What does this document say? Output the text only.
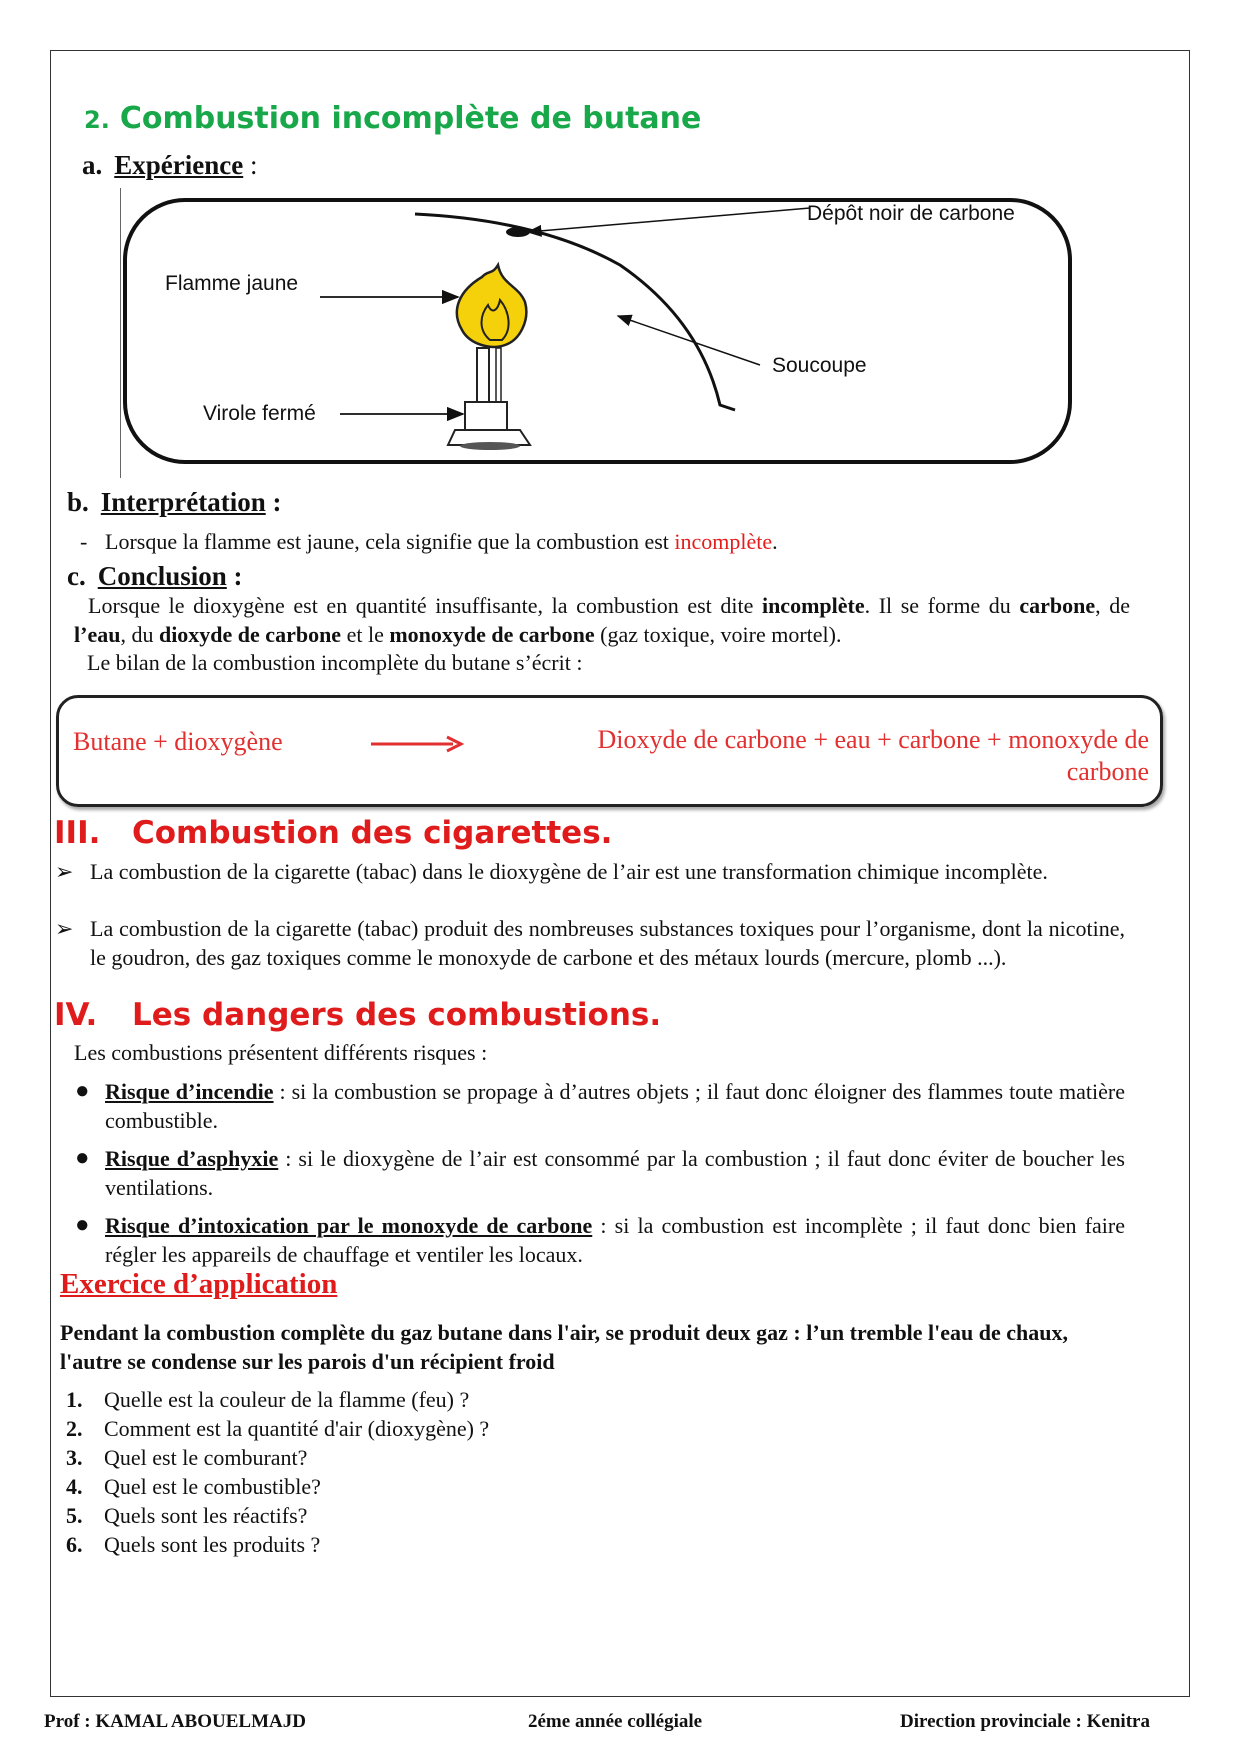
2. Combustion incomplète de butane
a. Expérience :
Dépôt noir de carbone
Flamme jaune
Soucoupe
Virole fermé
b. Interprétation :
- Lorsque la flamme est jaune, cela signifie que la combustion est incomplète.
c. Conclusion :
Lorsque le dioxygène est en quantité insuffisante, la combustion est dite incomplète. Il se forme du carbone, de l’eau, du dioxyde de carbone et le monoxyde de carbone (gaz toxique, voire mortel).
Le bilan de la combustion incomplète du butane s’écrit :
Butane + dioxygène	Dioxyde de carbone + eau + carbone + monoxyde de
carbone
III. Combustion des cigarettes.
➢ La combustion de la cigarette (tabac) dans le dioxygène de l’air est une transformation chimique incomplète.
➢ La combustion de la cigarette (tabac) produit des nombreuses substances toxiques pour l’organisme, dont la nicotine, le goudron, des gaz toxiques comme le monoxyde de carbone et des métaux lourds (mercure, plomb ...).
IV. Les dangers des combustions.
Les combustions présentent différents risques :
● Risque d’incendie : si la combustion se propage à d’autres objets ; il faut donc éloigner des flammes toute matière combustible.
● Risque d’asphyxie : si le dioxygène de l’air est consommé par la combustion ; il faut donc éviter de boucher les ventilations.
● Risque d’intoxication par le monoxyde de carbone : si la combustion est incomplète ; il faut donc bien faire régler les appareils de chauffage et ventiler les locaux.
Exercice d’application
Pendant la combustion complète du gaz butane dans l'air, se produit deux gaz : l’un tremble l'eau de chaux, l'autre se condense sur les parois d'un récipient froid
1. Quelle est la couleur de la flamme (feu) ?
2. Comment est la quantité d'air (dioxygène) ?
3. Quel est le comburant?
4. Quel est le combustible?
5. Quels sont les réactifs?
6. Quels sont les produits ?
Prof : KAMAL ABOUELMAJD	2éme année collégiale	Direction provinciale : Kenitra
